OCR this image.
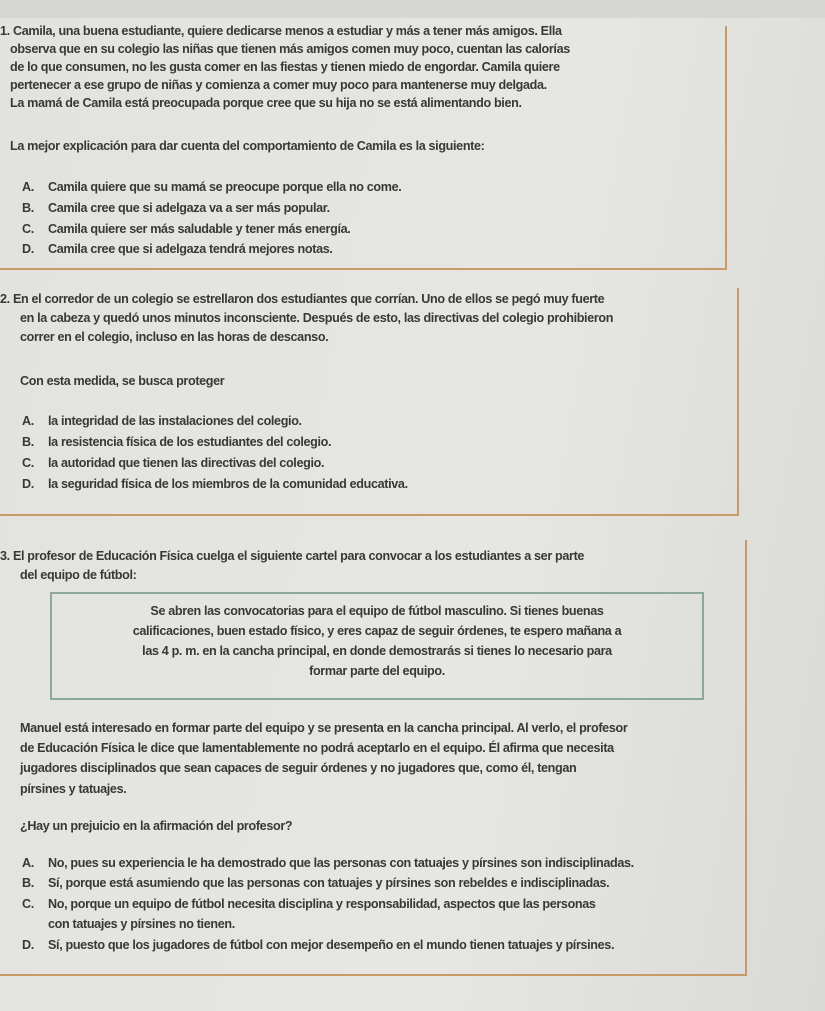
1. Camila, una buena estudiante, quiere dedicarse menos a estudiar y más a tener más amigos. Ella
observa que en su colegio las niñas que tienen más amigos comen muy poco, cuentan las calorías
de lo que consumen, no les gusta comer en las fiestas y tienen miedo de engordar. Camila quiere
pertenecer a ese grupo de niñas y comienza a comer muy poco para mantenerse muy delgada.
La mamá de Camila está preocupada porque cree que su hija no se está alimentando bien.
La mejor explicación para dar cuenta del comportamiento de Camila es la siguiente:
A. Camila quiere que su mamá se preocupe porque ella no come.
B. Camila cree que si adelgaza va a ser más popular.
C. Camila quiere ser más saludable y tener más energía.
D. Camila cree que si adelgaza tendrá mejores notas.
2. En el corredor de un colegio se estrellaron dos estudiantes que corrían. Uno de ellos se pegó muy fuerte
en la cabeza y quedó unos minutos inconsciente. Después de esto, las directivas del colegio prohibieron
correr en el colegio, incluso en las horas de descanso.
Con esta medida, se busca proteger
A. la integridad de las instalaciones del colegio.
B. la resistencia física de los estudiantes del colegio.
C. la autoridad que tienen las directivas del colegio.
D. la seguridad física de los miembros de la comunidad educativa.
3. El profesor de Educación Física cuelga el siguiente cartel para convocar a los estudiantes a ser parte
del equipo de fútbol:
Se abren las convocatorias para el equipo de fútbol masculino. Si tienes buenas
calificaciones, buen estado físico, y eres capaz de seguir órdenes, te espero mañana a
las 4 p. m. en la cancha principal, en donde demostrarás si tienes lo necesario para
formar parte del equipo.
Manuel está interesado en formar parte del equipo y se presenta en la cancha principal. Al verlo, el profesor
de Educación Física le dice que lamentablemente no podrá aceptarlo en el equipo. Él afirma que necesita
jugadores disciplinados que sean capaces de seguir órdenes y no jugadores que, como él, tengan
pírsines y tatuajes.
¿Hay un prejuicio en la afirmación del profesor?
A. No, pues su experiencia le ha demostrado que las personas con tatuajes y pírsines son indisciplinadas.
B. Sí, porque está asumiendo que las personas con tatuajes y pírsines son rebeldes e indisciplinadas.
C. No, porque un equipo de fútbol necesita disciplina y responsabilidad, aspectos que las personas
con tatuajes y pírsines no tienen.
D. Sí, puesto que los jugadores de fútbol con mejor desempeño en el mundo tienen tatuajes y pírsines.
